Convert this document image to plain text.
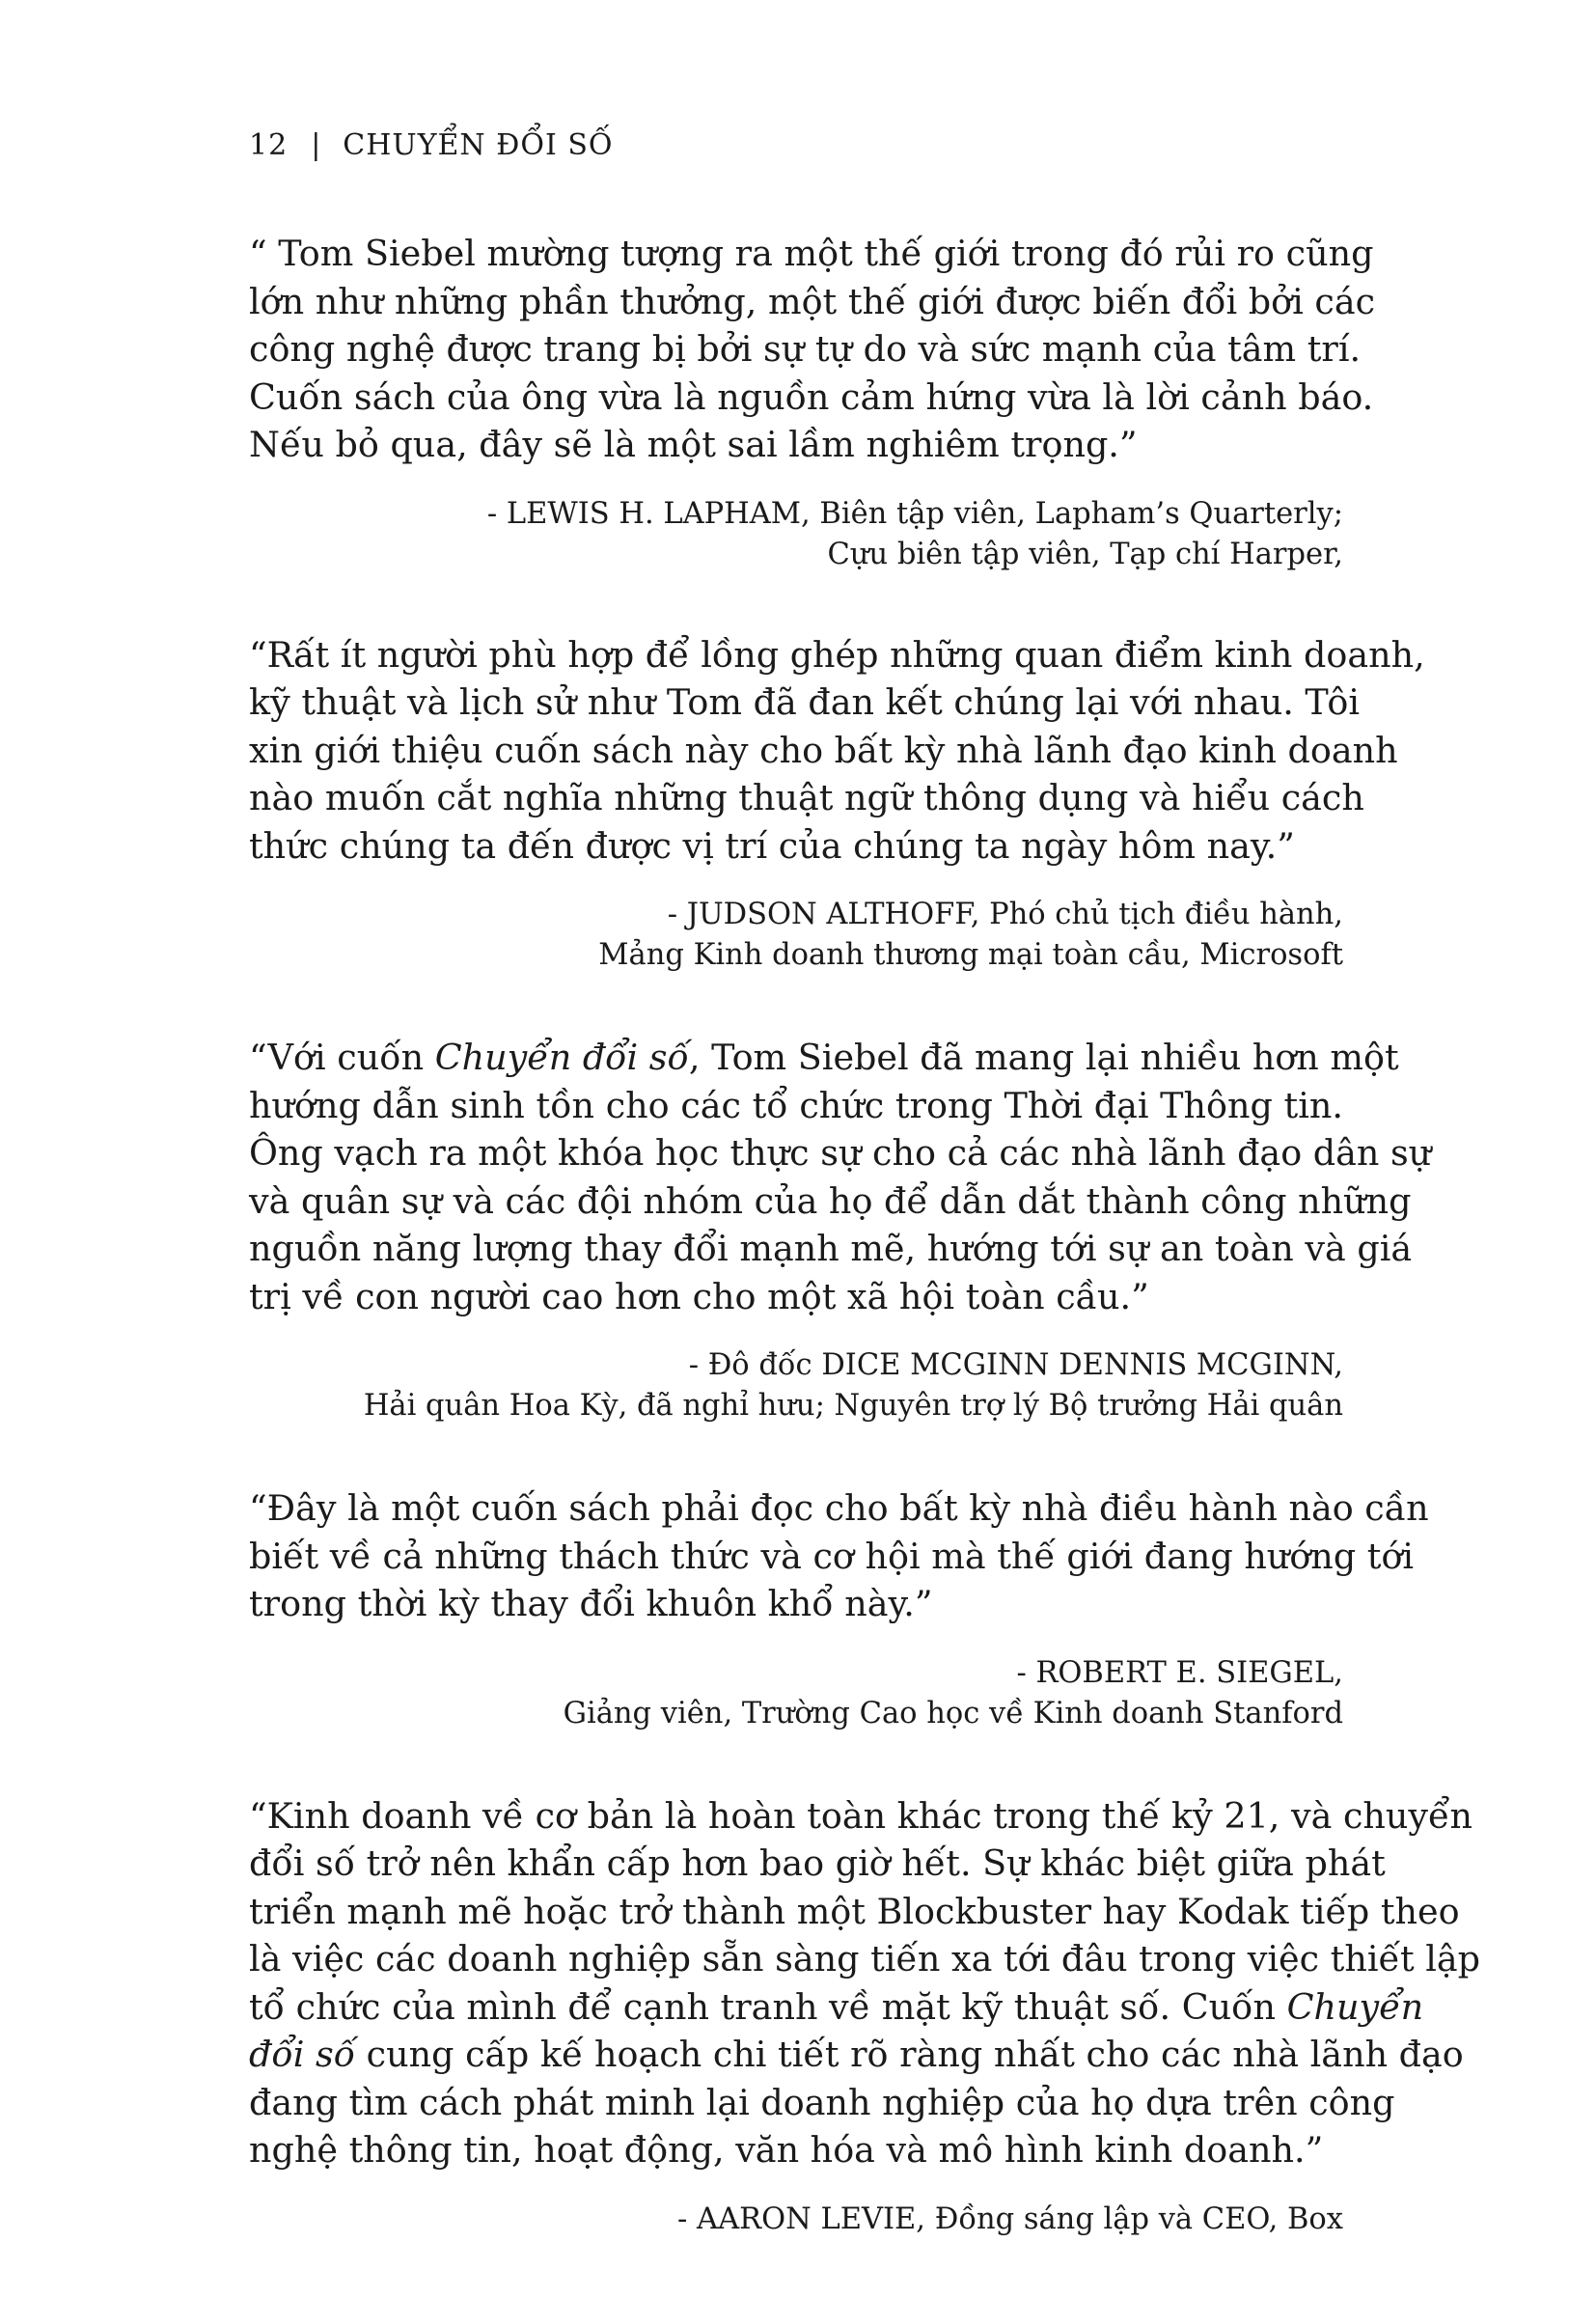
12 | CHUYỂN ĐỔI SỐ

“ Tom Siebel mường tượng ra một thế giới trong đó rủi ro cũng
lớn như những phần thưởng, một thế giới được biến đổi bởi các
công nghệ được trang bị bởi sự tự do và sức mạnh của tâm trí.
Cuốn sách của ông vừa là nguồn cảm hứng vừa là lời cảnh báo.
Nếu bỏ qua, đây sẽ là một sai lầm nghiêm trọng.”

- LEWIS H. LAPHAM, Biên tập viên, Lapham’s Quarterly;
Cựu biên tập viên, Tạp chí Harper,

“Rất ít người phù hợp để lồng ghép những quan điểm kinh doanh,
kỹ thuật và lịch sử như Tom đã đan kết chúng lại với nhau. Tôi
xin giới thiệu cuốn sách này cho bất kỳ nhà lãnh đạo kinh doanh
nào muốn cắt nghĩa những thuật ngữ thông dụng và hiểu cách
thức chúng ta đến được vị trí của chúng ta ngày hôm nay.”

- JUDSON ALTHOFF, Phó chủ tịch điều hành,
Mảng Kinh doanh thương mại toàn cầu, Microsoft

“Với cuốn Chuyển đổi số, Tom Siebel đã mang lại nhiều hơn một
hướng dẫn sinh tồn cho các tổ chức trong Thời đại Thông tin.
Ông vạch ra một khóa học thực sự cho cả các nhà lãnh đạo dân sự
và quân sự và các đội nhóm của họ để dẫn dắt thành công những
nguồn năng lượng thay đổi mạnh mẽ, hướng tới sự an toàn và giá
trị về con người cao hơn cho một xã hội toàn cầu.”

- Đô đốc DICE MCGINN DENNIS MCGINN,
Hải quân Hoa Kỳ, đã nghỉ hưu; Nguyên trợ lý Bộ trưởng Hải quân

“Đây là một cuốn sách phải đọc cho bất kỳ nhà điều hành nào cần
biết về cả những thách thức và cơ hội mà thế giới đang hướng tới
trong thời kỳ thay đổi khuôn khổ này.”

- ROBERT E. SIEGEL,
Giảng viên, Trường Cao học về Kinh doanh Stanford

“Kinh doanh về cơ bản là hoàn toàn khác trong thế kỷ 21, và chuyển
đổi số trở nên khẩn cấp hơn bao giờ hết. Sự khác biệt giữa phát
triển mạnh mẽ hoặc trở thành một Blockbuster hay Kodak tiếp theo
là việc các doanh nghiệp sẵn sàng tiến xa tới đâu trong việc thiết lập
tổ chức của mình để cạnh tranh về mặt kỹ thuật số. Cuốn Chuyển
đổi số cung cấp kế hoạch chi tiết rõ ràng nhất cho các nhà lãnh đạo
đang tìm cách phát minh lại doanh nghiệp của họ dựa trên công
nghệ thông tin, hoạt động, văn hóa và mô hình kinh doanh.”

- AARON LEVIE, Đồng sáng lập và CEO, Box
